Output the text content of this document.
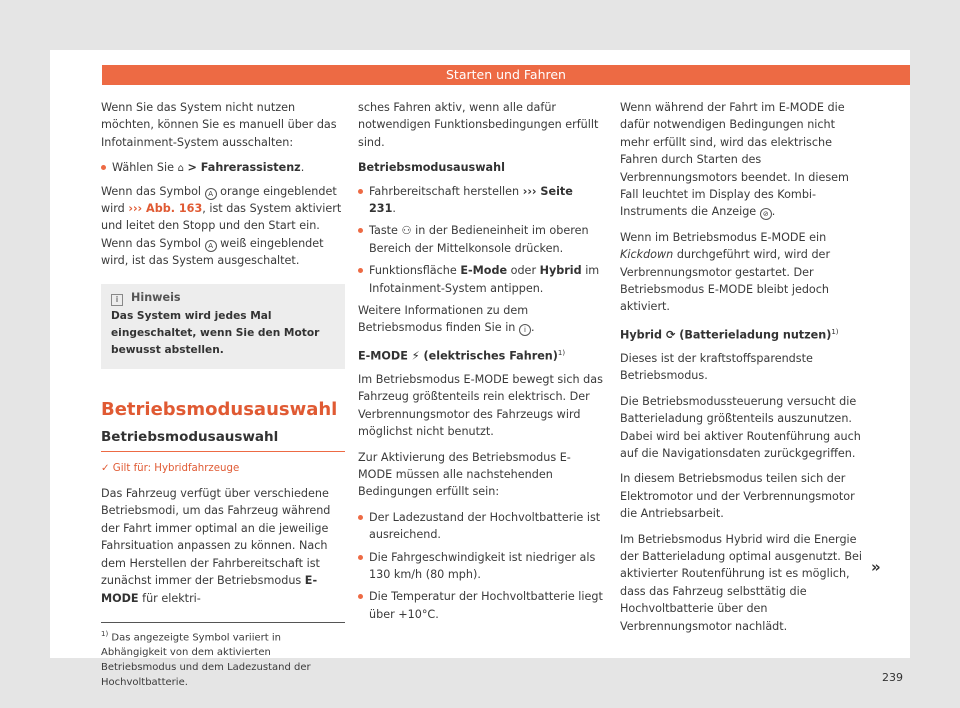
Starten und Fahren

Wenn Sie das System nicht nutzen möchten, können Sie es manuell über das Infotainment-System ausschalten:

Wählen Sie ⌂ > Fahrerassistenz.

Wenn das Symbol A orange eingeblendet wird ››› Abb. 163, ist das System aktiviert und leitet den Stopp und den Start ein. Wenn das Symbol A weiß eingeblendet wird, ist das System ausgeschaltet.

i Hinweis
Das System wird jedes Mal eingeschaltet, wenn Sie den Motor bewusst abstellen.
Betriebsmodusauswahl
Betriebsmodusauswahl
✓ Gilt für: Hybridfahrzeuge

Das Fahrzeug verfügt über verschiedene Betriebsmodi, um das Fahrzeug während der Fahrt immer optimal an die jeweilige Fahrsituation anpassen zu können. Nach dem Herstellen der Fahrbereitschaft ist zunächst immer der Betriebsmodus E-MODE für elektri-

sches Fahren aktiv, wenn alle dafür notwendigen Funktionsbedingungen erfüllt sind.

Betriebsmodusauswahl

Fahrbereitschaft herstellen ››› Seite 231.

Taste ⚇ in der Bedieneinheit im oberen Bereich der Mittelkonsole drücken.

Funktionsfläche E-Mode oder Hybrid im Infotainment-System antippen.

Weitere Informationen zu dem Betriebsmodus finden Sie in i .

E-MODE ⚡ (elektrisches Fahren)$^{1)}$

Im Betriebsmodus E-MODE bewegt sich das Fahrzeug größtenteils rein elektrisch. Der Verbrennungsmotor des Fahrzeugs wird möglichst nicht benutzt.

Zur Aktivierung des Betriebsmodus E-MODE müssen alle nachstehenden Bedingungen erfüllt sein:

Der Ladezustand der Hochvoltbatterie ist ausreichend.

Die Fahrgeschwindigkeit ist niedriger als 130 km/h (80 mph).

Die Temperatur der Hochvoltbatterie liegt über +10°C.

Wenn während der Fahrt im E-MODE die dafür notwendigen Bedingungen nicht mehr erfüllt sind, wird das elektrische Fahren durch Starten des Verbrennungsmotors beendet. In diesem Fall leuchtet im Display des Kombi-Instruments die Anzeige ⊘ .

Wenn im Betriebsmodus E-MODE ein Kickdown durchgeführt wird, wird der Verbrennungsmotor gestartet. Der Betriebsmodus E-MODE bleibt jedoch aktiviert.

Hybrid ⟳ (Batterieladung nutzen)$^{1)}$

Dieses ist der kraftstoffsparendste Betriebsmodus.

Die Betriebsmodussteuerung versucht die Batterieladung größtenteils auszunutzen. Dabei wird bei aktiver Routenführung auch auf die Navigationsdaten zurückgegriffen.

In diesem Betriebsmodus teilen sich der Elektromotor und der Verbrennungsmotor die Antriebsarbeit.

Im Betriebsmodus Hybrid wird die Energie der Batterieladung optimal ausgenutzt. Bei aktivierter Routenführung ist es möglich, dass das Fahrzeug selbsttätig die Hochvoltbatterie über den Verbrennungsmotor nachlädt.

»
$^{1)}$ Das angezeigte Symbol variiert in Abhängigkeit von dem aktivierten Betriebsmodus und dem Ladezustand der Hochvoltbatterie.	239
